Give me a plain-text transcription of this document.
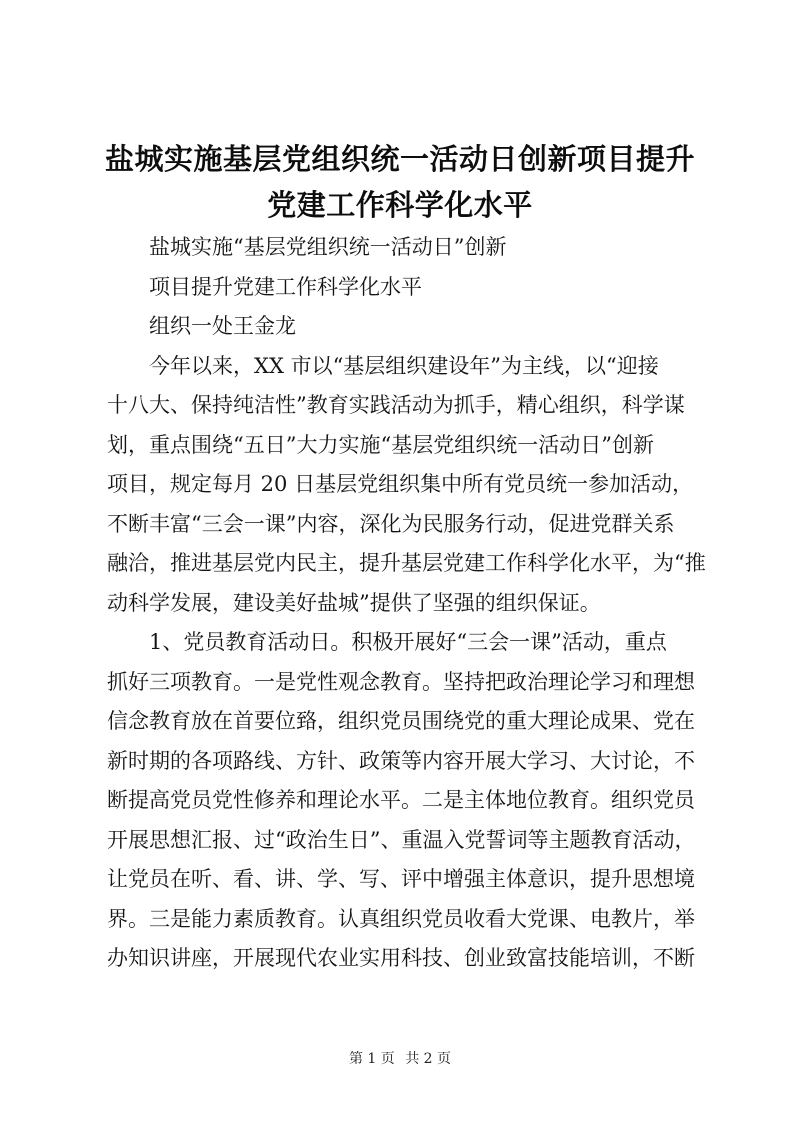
盐城实施基层党组织统一活动日创新项目提升
党建工作科学化水平
盐城实施“基层党组织统一活动日”创新
项目提升党建工作科学化水平
组织一处王金龙
今年以来，XX 市以“基层组织建设年”为主线，以“迎接
十八大、保持纯洁性”教育实践活动为抓手，精心组织，科学谋
划，重点围绕“五日”大力实施“基层党组织统一活动日”创新
项目，规定每月 20 日基层党组织集中所有党员统一参加活动，
不断丰富“三会一课”内容，深化为民服务行动，促进党群关系
融洽，推进基层党内民主，提升基层党建工作科学化水平，为“推
动科学发展，建设美好盐城”提供了坚强的组织保证。
1、党员教育活动日。积极开展好“三会一课”活动，重点
抓好三项教育。一是党性观念教育。坚持把政治理论学习和理想
信念教育放在首要位臵，组织党员围绕党的重大理论成果、党在
新时期的各项路线、方针、政策等内容开展大学习、大讨论，不
断提高党员党性修养和理论水平。二是主体地位教育。组织党员
开展思想汇报、过“政治生日”、重温入党誓词等主题教育活动，
让党员在听、看、讲、学、写、评中增强主体意识，提升思想境
界。三是能力素质教育。认真组织党员收看大党课、电教片，举
办知识讲座，开展现代农业实用科技、创业致富技能培训，不断
第 1 页 共 2 页
